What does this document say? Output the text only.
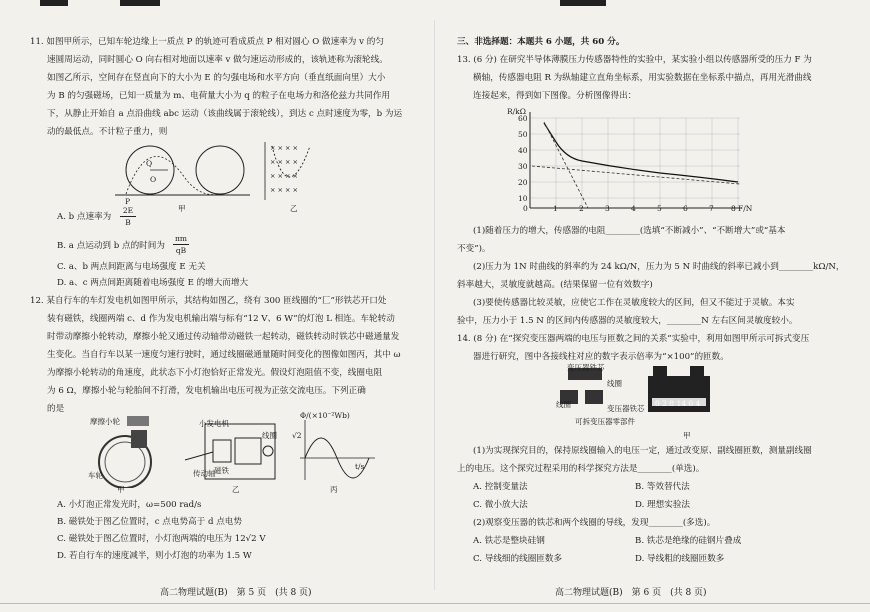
11. 如图甲所示，已知车轮边缘上一质点 P 的轨迹可看成质点 P 相对圆心 O 做速率为 v 的匀
速圆周运动，同时圆心 O 向右相对地面以速率 v 做匀速运动形成的，该轨迹称为滚轮线。
如图乙所示，空间存在竖直向下的大小为 E 的匀强电场和水平方向（垂直纸面向里）大小
为 B 的匀强磁场，已知一质量为 m、电荷量大小为 q 的粒子在电场力和洛伦兹力共同作用
下，从静止开始自 a 点沿曲线 abc 运动（该曲线属于滚轮线），到达 c 点时速度为零，b 为运
动的最低点。不计粒子重力，则
× × × ×
× × × ×
× × × ×
× × × ×
Q
O
P
甲	乙
A. b 点速率为
2E
B
B. a 点运动到 b 点的时间为
πm
qB
C. a、b 两点间距离与电场强度 E 无关
D. a、c 两点间距离随着电场强度 E 的增大而增大
12. 某自行车的车灯发电机如图甲所示，其结构如图乙，绕有 300 匝线圈的“匚”形铁芯开口处
装有磁铁，线圈两端 c、d 作为发电机输出端与标有“12 V、6 W”的灯泡 L 相连。车轮转动
时带动摩擦小轮转动，摩擦小轮又通过传动轴带动磁铁一起转动，磁铁转动时铁芯中磁通量发
生变化。当自行车以某一速度匀速行驶时，通过线圈磁通量随时间变化的图像如图丙，其中 ω
为摩擦小轮转动的角速度，此状态下小灯泡恰好正常发光。假设灯泡阻值不变，线圈电阻
为 6 Ω，摩擦小轮与轮胎间不打滑，发电机输出电压可视为正弦交流电压。下列正确
的是
小发电机
摩擦小轮
传动轴
线圈
磁铁
车轮
Φ/(×10⁻²Wb)
√2
t/s
甲	乙	丙
A. 小灯泡正常发光时，ω=500 rad/s
B. 磁铁处于图乙位置时，c 点电势高于 d 点电势
C. 磁铁处于图乙位置时，小灯泡两端的电压为 12√2 V
D. 若自行车的速度减半，则小灯泡的功率为 1.5 W
高二物理试题(B)　第 5 页　(共 8 页)
三、非选择题：本题共 6 小题，共 60 分。
13. (6 分) 在研究半导体薄膜压力传感器特性的实验中，某实验小组以传感器所受的压力 F 为
横轴，传感器电阻 R 为纵轴建立直角坐标系，用实验数据在坐标系中描点，再用光滑曲线
连接起来，得到如下图像。分析图像得出：
R/kΩ
F/N
0	1	2	3	4	5	6	7 8
10
20
30
40
50
60
(1)随着压力的增大，传感器的电阻________(选填“不断减小”、“不断增大”或“基本
不变”)。
(2)压力为 1N 时曲线的斜率约为 24 kΩ/N，压力为 5 N 时曲线的斜率已减小到________kΩ/N，
斜率越大，灵敏度就越高。(结果保留一位有效数字)
(3)要使传感器比较灵敏，应使它工作在灵敏度较大的区间，但又不能过于灵敏。本实
验中，压力小于 1.5 N 的区间内传感器的灵敏度较大，________N 左右区间灵敏度较小。
14. (8 分) 在“探究变压器两端的电压与匝数之间的关系”实验中，利用如图甲所示可拆式变压
器进行研究，图中各接线柱对应的数字表示倍率为“×100”的匝数。
变压器铁芯
线圈
线圈	变压器铁芯
可拆变压器零部件
0 2 8 14 0 4
甲
(1)为实现探究目的，保持原线圈输入的电压一定，通过改变原、副线圈匝数，测量副线圈
上的电压。这个探究过程采用的科学探究方法是________(单选)。
A. 控制变量法	B. 等效替代法
C. 微小放大法	D. 理想实验法
(2)观察变压器的铁芯和两个线圈的导线，发现________(多选)。
A. 铁芯是整块硅钢	B. 铁芯是绝缘的硅钢片叠成
C. 导线细的线圈匝数多	D. 导线粗的线圈匝数多
高二物理试题(B)　第 6 页　(共 8 页)
